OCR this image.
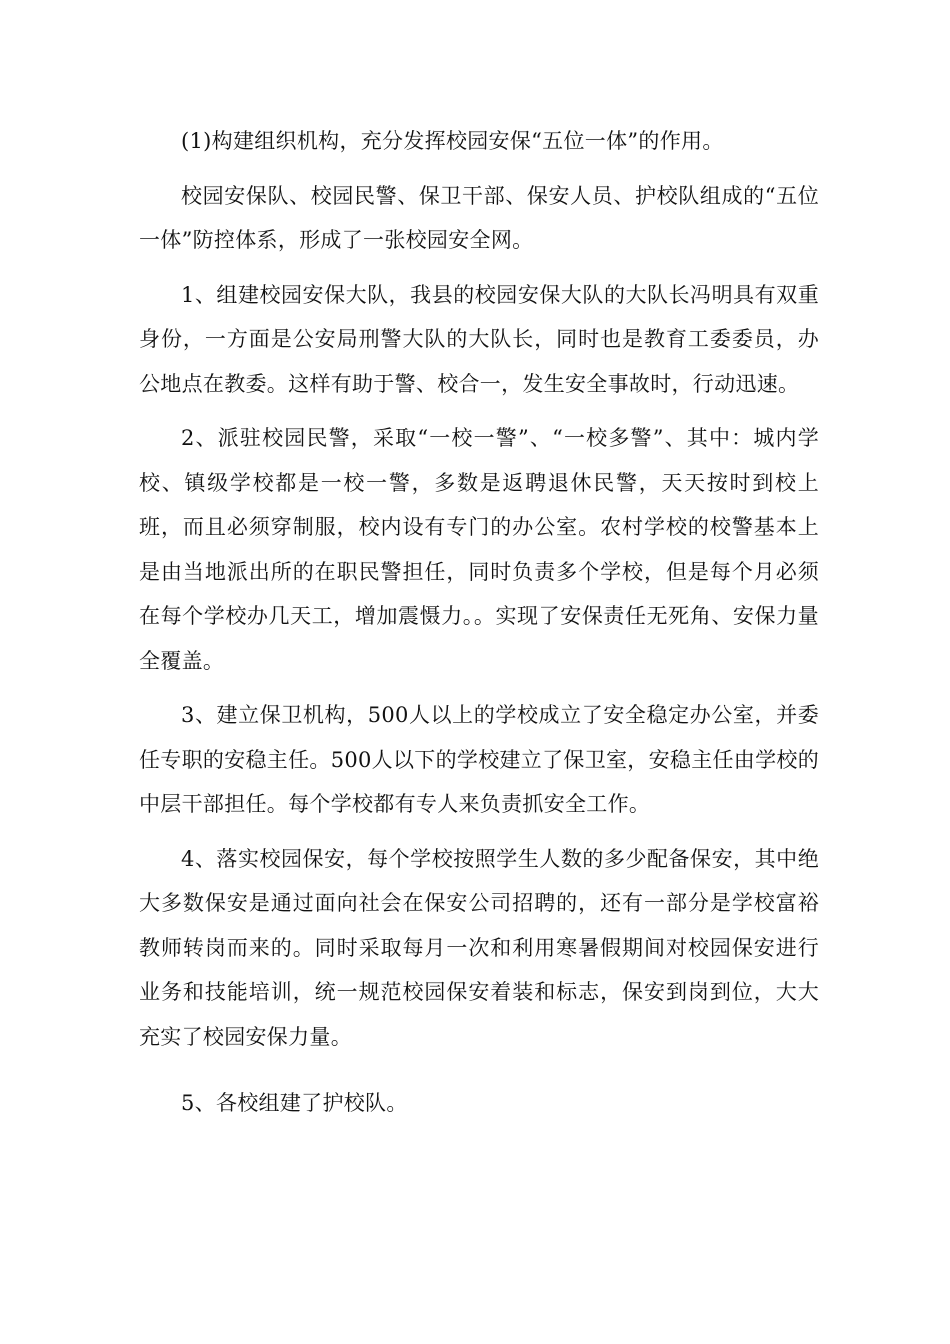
(1)构建组织机构，充分发挥校园安保“五位一体”的作用。

校园安保队、校园民警、保卫干部、保安人员、护校队组成的“五位一体”防控体系，形成了一张校园安全网。

1、组建校园安保大队，我县的校园安保大队的大队长冯明具有双重身份，一方面是公安局刑警大队的大队长，同时也是教育工委委员，办公地点在教委。这样有助于警、校合一，发生安全事故时，行动迅速。

2、派驻校园民警，采取“一校一警”、“一校多警”、其中：城内学校、镇级学校都是一校一警，多数是返聘退休民警，天天按时到校上班，而且必须穿制服，校内设有专门的办公室。农村学校的校警基本上是由当地派出所的在职民警担任，同时负责多个学校，但是每个月必须在每个学校办几天工，增加震慑力。。实现了安保责任无死角、安保力量全覆盖。

3、建立保卫机构，500人以上的学校成立了安全稳定办公室，并委任专职的安稳主任。500人以下的学校建立了保卫室，安稳主任由学校的中层干部担任。每个学校都有专人来负责抓安全工作。

4、落实校园保安，每个学校按照学生人数的多少配备保安，其中绝大多数保安是通过面向社会在保安公司招聘的，还有一部分是学校富裕教师转岗而来的。同时采取每月一次和利用寒暑假期间对校园保安进行业务和技能培训，统一规范校园保安着装和标志，保安到岗到位，大大充实了校园安保力量。

5、各校组建了护校队。
